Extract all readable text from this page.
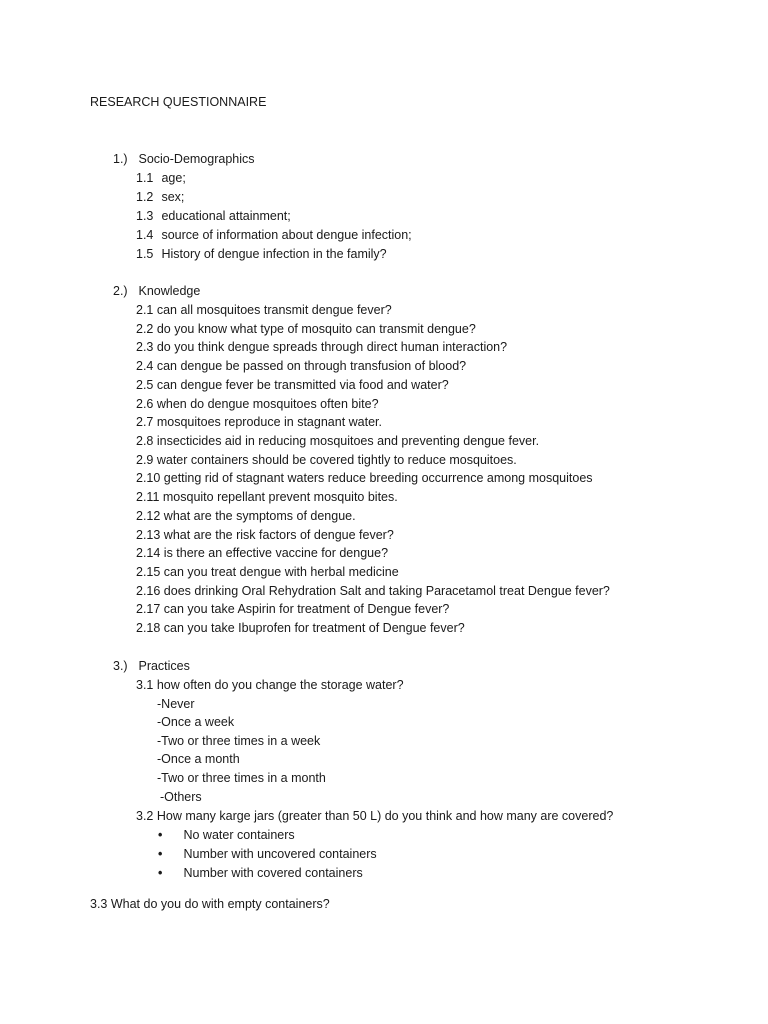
RESEARCH QUESTIONNAIRE
1.) Socio-Demographics
1.1 age;
1.2 sex;
1.3 educational attainment;
1.4 source of information about dengue infection;
1.5 History of dengue infection in the family?
2.) Knowledge
2.1 can all mosquitoes transmit dengue fever?
2.2 do you know what type of mosquito can transmit dengue?
2.3 do you think dengue spreads through direct human interaction?
2.4 can dengue be passed on through transfusion of blood?
2.5 can dengue fever be transmitted via food and water?
2.6 when do dengue mosquitoes often bite?
2.7 mosquitoes reproduce in stagnant water.
2.8 insecticides aid in reducing mosquitoes and preventing dengue fever.
2.9 water containers should be covered tightly to reduce mosquitoes.
2.10 getting rid of stagnant waters reduce breeding occurrence among mosquitoes
2.11 mosquito repellant prevent mosquito bites.
2.12 what are the symptoms of dengue.
2.13 what are the risk factors of dengue fever?
2.14 is there an effective vaccine for dengue?
2.15 can you treat dengue with herbal medicine
2.16 does drinking Oral Rehydration Salt and taking Paracetamol treat Dengue fever?
2.17 can you take Aspirin for treatment of Dengue fever?
2.18 can you take Ibuprofen for treatment of Dengue fever?
3.) Practices
3.1 how often do you change the storage water?
-Never
-Once a week
-Two or three times in a week
-Once a month
-Two or three times in a month
-Others
3.2 How many karge jars (greater than 50 L) do you think and how many are covered?
• No water containers
• Number with uncovered containers
• Number with covered containers
3.3 What do you do with empty containers?
